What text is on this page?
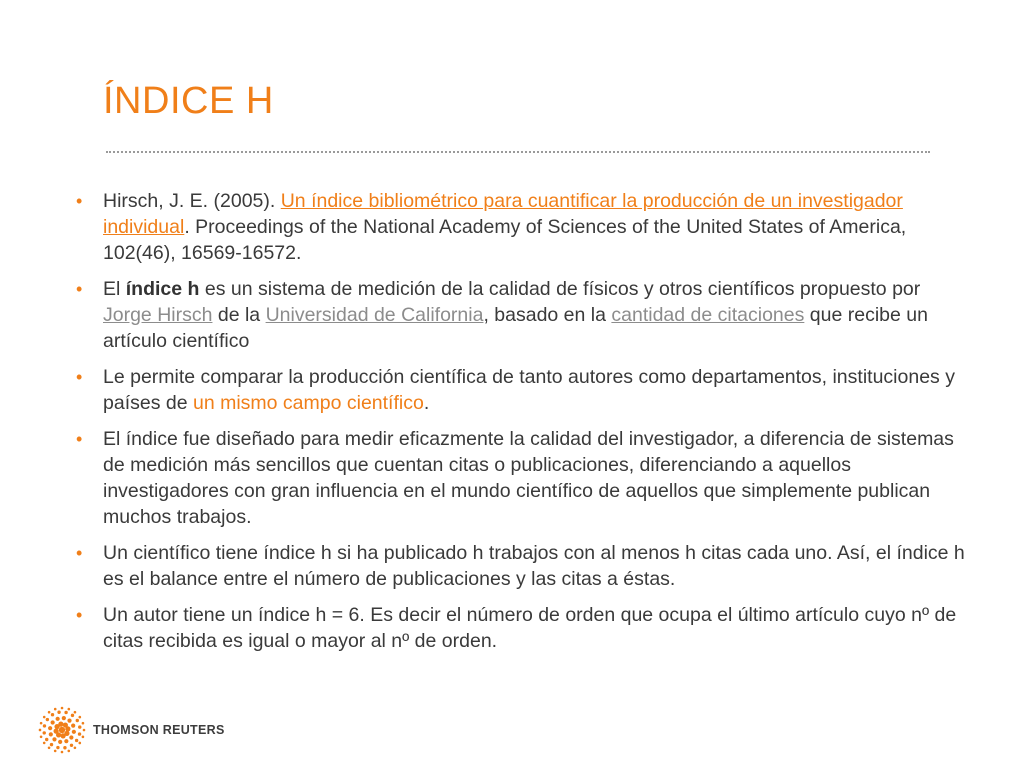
ÍNDICE H
• Hirsch, J. E. (2005). Un índice bibliométrico para cuantificar la producción de un investigador individual. Proceedings of the National Academy of Sciences of the United States of America, 102(46), 16569-16572.
• El índice h es un sistema de medición de la calidad de físicos y otros científicos propuesto por Jorge Hirsch de la Universidad de California, basado en la cantidad de citaciones que recibe un artículo científico
• Le permite comparar la producción científica de tanto autores como departamentos, instituciones y países de un mismo campo científico.
• El índice fue diseñado para medir eficazmente la calidad del investigador, a diferencia de sistemas de medición más sencillos que cuentan citas o publicaciones, diferenciando a aquellos investigadores con gran influencia en el mundo científico de aquellos que simplemente publican muchos trabajos.
• Un científico tiene índice h si ha publicado h trabajos con al menos h citas cada uno. Así, el índice h es el balance entre el número de publicaciones y las citas a éstas.
• Un autor tiene un índice h = 6. Es decir el número de orden que ocupa el último artículo cuyo nº de citas recibida es igual o mayor al nº de orden.
THOMSON REUTERS
